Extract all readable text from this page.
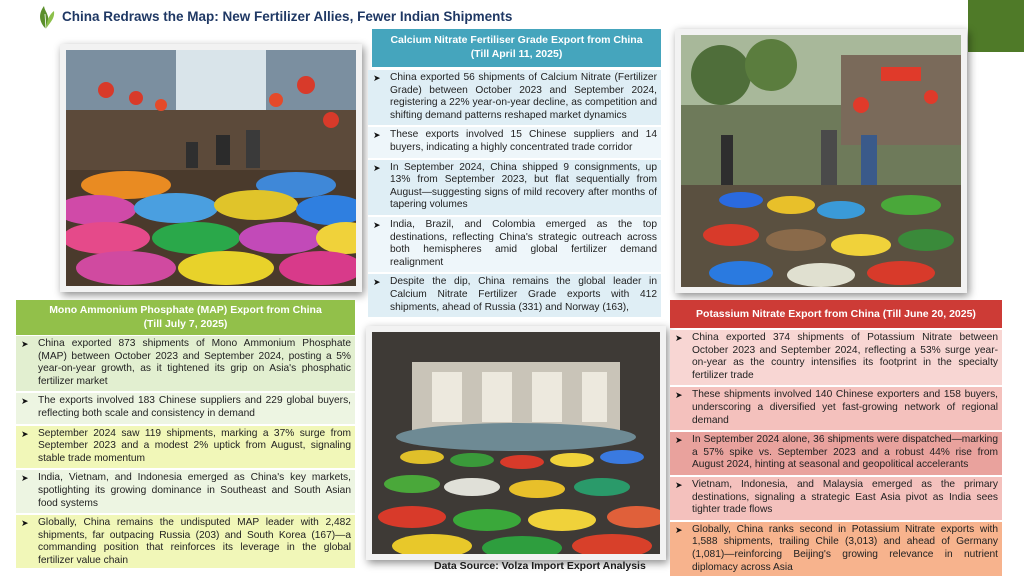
China Redraws the Map: New Fertilizer Allies, Fewer Indian Shipments
Calcium Nitrate Fertiliser Grade Export from China
(Till April 11, 2025)
➤ China exported 56 shipments of Calcium Nitrate (Fertilizer Grade) between October 2023 and September 2024, registering a 22% year-on-year decline, as competition and shifting demand patterns reshaped market dynamics
➤ These exports involved 15 Chinese suppliers and 14 buyers, indicating a highly concentrated trade corridor
➤ In September 2024, China shipped 9 consignments, up 13% from September 2023, but flat sequentially from August—suggesting signs of mild recovery after months of tapering volumes
➤ India, Brazil, and Colombia emerged as the top destinations, reflecting China's strategic outreach across both hemispheres amid global fertilizer demand realignment
➤ Despite the dip, China remains the global leader in Calcium Nitrate Fertilizer Grade exports with 412 shipments, ahead of Russia (331) and Norway (163),
Mono Ammonium Phosphate (MAP) Export from China
(Till July 7, 2025)
➤ China exported 873 shipments of Mono Ammonium Phosphate (MAP) between October 2023 and September 2024, posting a 5% year-on-year growth, as it tightened its grip on Asia's phosphatic fertilizer market
➤ The exports involved 183 Chinese suppliers and 229 global buyers, reflecting both scale and consistency in demand
➤ September 2024 saw 119 shipments, marking a 37% surge from September 2023 and a modest 2% uptick from August, signaling stable trade momentum
➤ India, Vietnam, and Indonesia emerged as China's key markets, spotlighting its growing dominance in Southeast and South Asian food systems
➤ Globally, China remains the undisputed MAP leader with 2,482 shipments, far outpacing Russia (203) and South Korea (167)—a commanding position that reinforces its leverage in the global fertilizer value chain
Potassium Nitrate Export from China (Till June 20, 2025)
➤ China exported 374 shipments of Potassium Nitrate between October 2023 and September 2024, reflecting a 53% surge year-on-year as the country intensifies its footprint in the specialty fertilizer trade
➤ These shipments involved 140 Chinese exporters and 158 buyers, underscoring a diversified yet fast-growing network of regional demand
➤ In September 2024 alone, 36 shipments were dispatched—marking a 57% spike vs. September 2023 and a robust 44% rise from August 2024, hinting at seasonal and geopolitical accelerants
➤ Vietnam, Indonesia, and Malaysia emerged as the primary destinations, signaling a strategic East Asia pivot as India sees tighter trade flows
➤ Globally, China ranks second in Potassium Nitrate exports with 1,588 shipments, trailing Chile (3,013) and ahead of Germany (1,081)—reinforcing Beijing's growing relevance in nutrient diplomacy across Asia
Data Source: Volza Import Export Analysis
